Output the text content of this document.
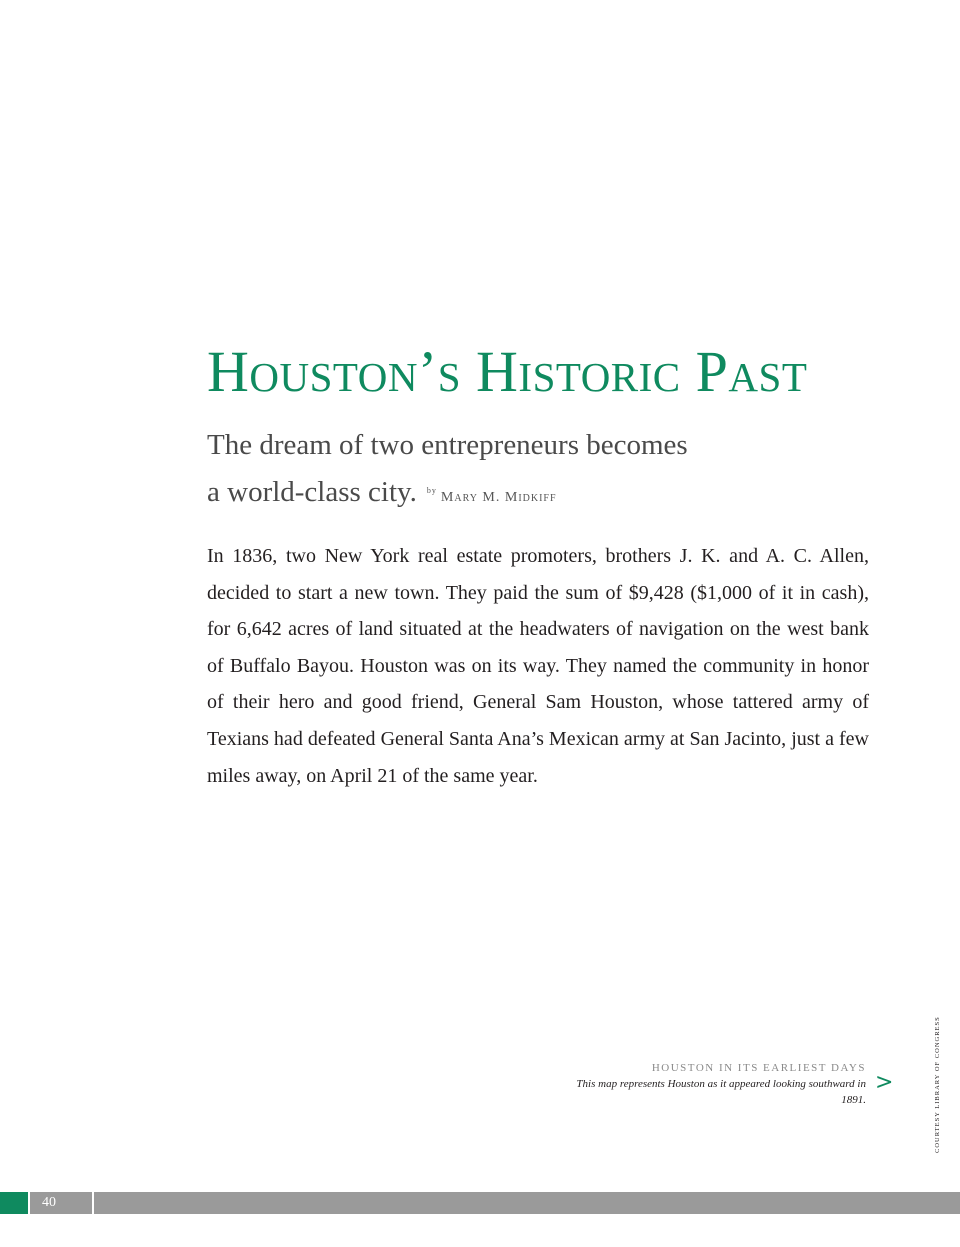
Houston’s Historic Past
The dream of two entrepreneurs becomes
a world-class city. $^{by}$ Mary M. Midkiff

In 1836, two New York real estate promoters, brothers J. K. and A. C. Allen, decided to start a new town. They paid the sum of $9,428 ($1,000 of it in cash), for 6,642 acres of land situated at the headwaters of navigation on the west bank of Buffalo Bayou. Houston was on its way. They named the community in honor of their hero and good friend, General Sam Houston, whose tattered army of Texians had defeated General Santa Ana’s Mexican army at San Jacinto, just a few miles away, on April 21 of the same year.

HOUSTON IN ITS EARLIEST DAYS
This map represents Houston as it appeared looking southward in 1891.
>	COURTESY LIBRARY OF CONGRESS
40
